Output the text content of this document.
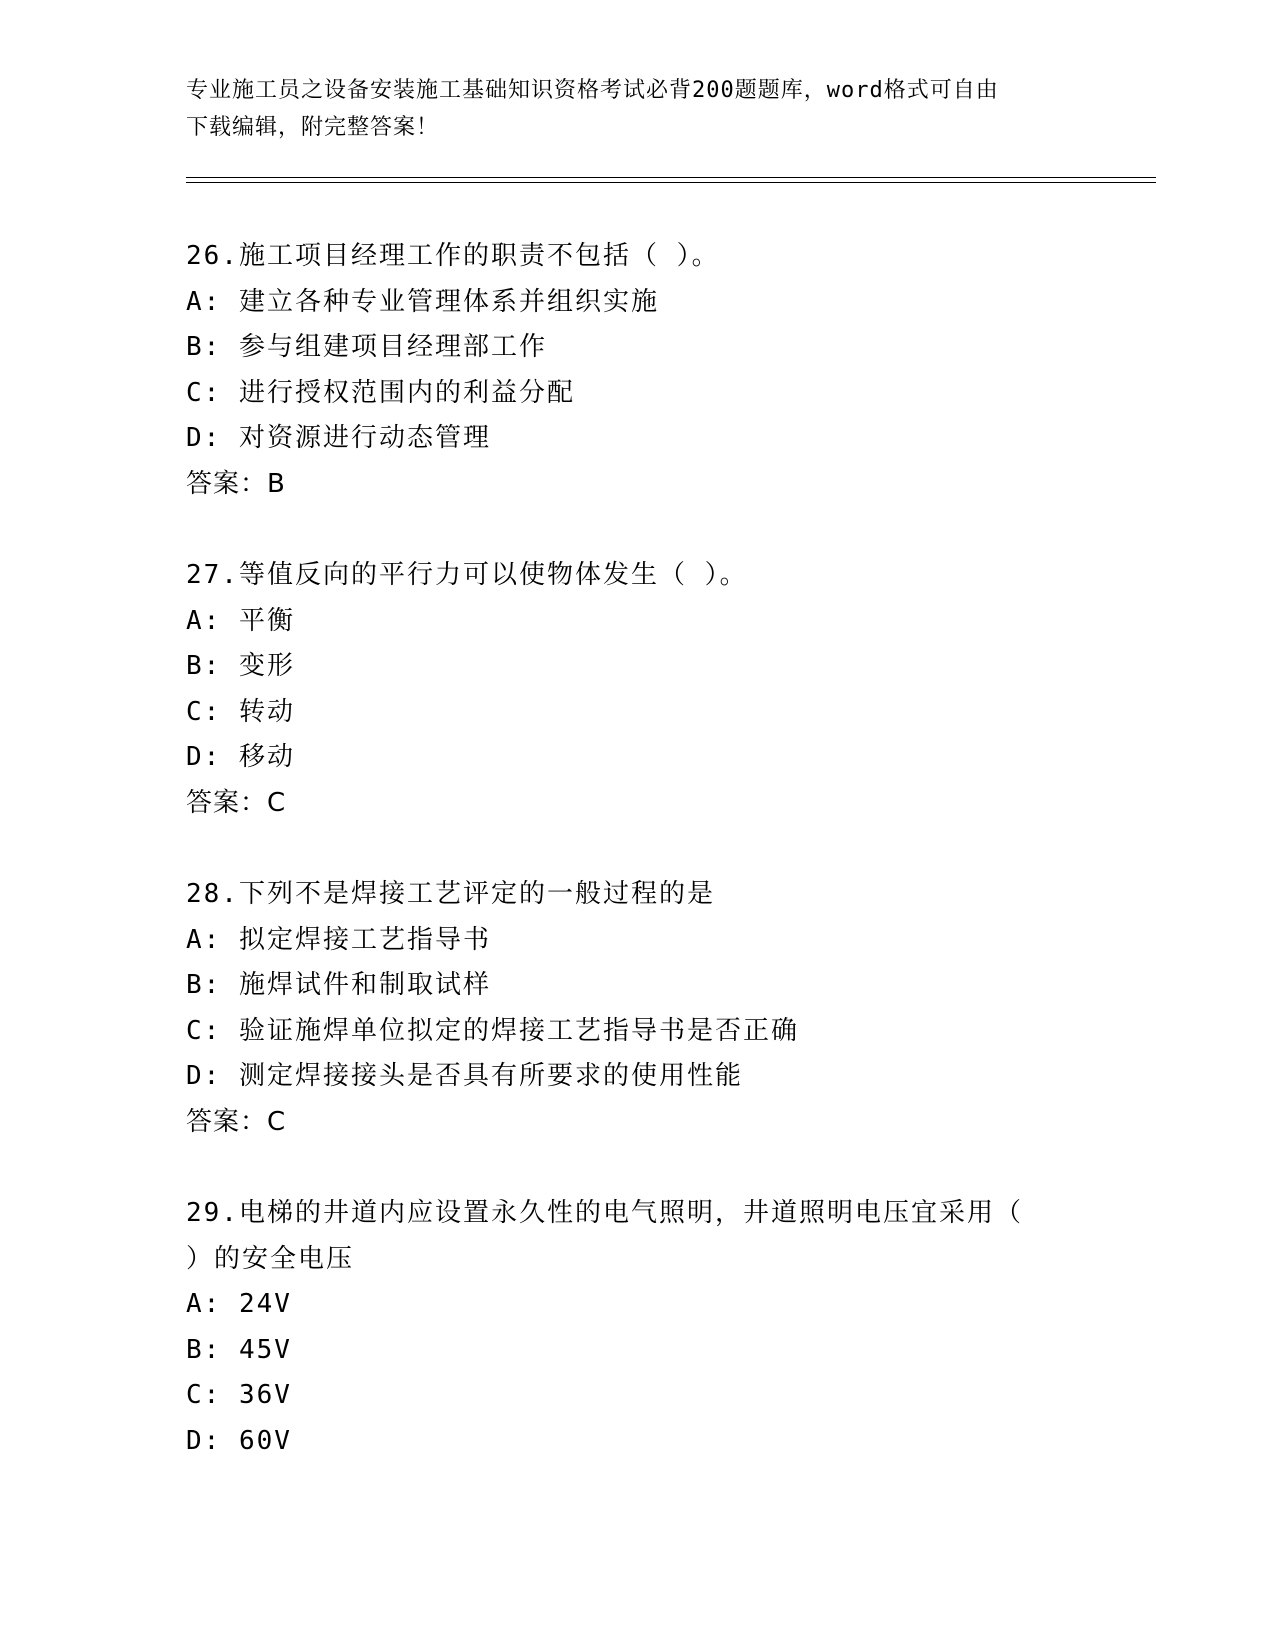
专业施工员之设备安装施工基础知识资格考试必背200题题库，word格式可自由
下载编辑，附完整答案！
26.施工项目经理工作的职责不包括（ ）。
A: 建立各种专业管理体系并组织实施
B: 参与组建项目经理部工作
C: 进行授权范围内的利益分配
D: 对资源进行动态管理
答案：B
27.等值反向的平行力可以使物体发生（ ）。
A: 平衡
B: 变形
C: 转动
D: 移动
答案：C
28.下列不是焊接工艺评定的一般过程的是
A: 拟定焊接工艺指导书
B: 施焊试件和制取试样
C: 验证施焊单位拟定的焊接工艺指导书是否正确
D: 测定焊接接头是否具有所要求的使用性能
答案：C
29.电梯的井道内应设置永久性的电气照明，井道照明电压宜采用（
）的安全电压
A: 24V
B: 45V
C: 36V
D: 60V
